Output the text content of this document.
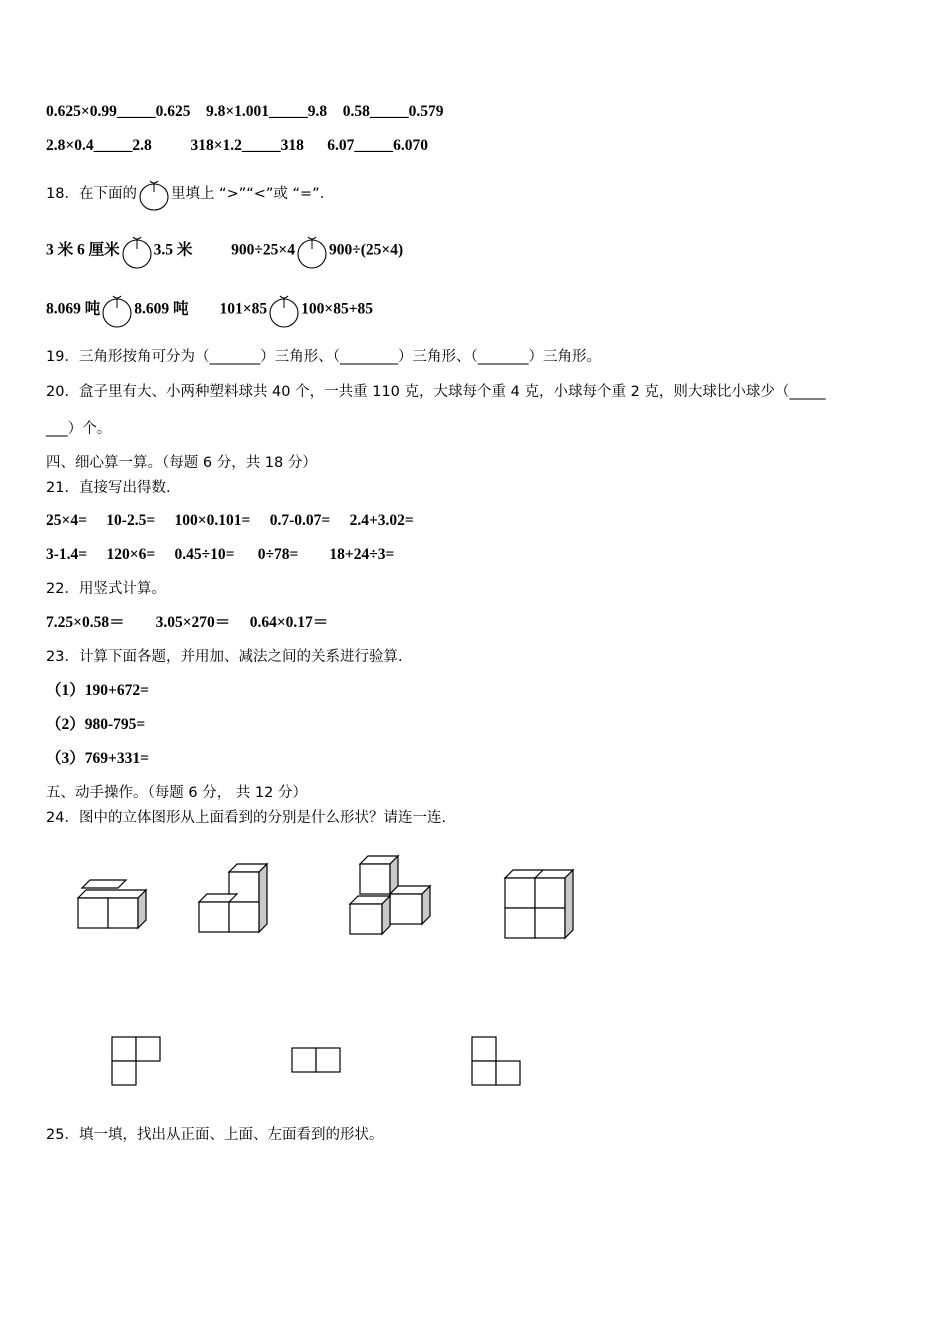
0.625×0.99_____0.625 9.8×1.001_____9.8 0.58_____0.579
2.8×0.4_____2.8	318×1.2_____318 6.07_____6.070
18．在下面的 里填上 “>”“<”或 “=”.
3 米 6 厘米 3.5 米	900÷25×4 900÷(25×4)
8.069 吨 8.609 吨 101×85 100×85+85
19．三角形按角可分为（_______）三角形、（________）三角形、（_______）三角形。
20．盒子里有大、小两种塑料球共 40 个，一共重 110 克，大球每个重 4 克，小球每个重 2 克，则大球比小球少（_____
___）个。
四、细心算一算。（每题 6 分，共 18 分）
21．直接写出得数.
25×4= 10-2.5= 100×0.101= 0.7-0.07= 2.4+3.02=
3-1.4= 120×6= 0.45÷10= 0÷78= 18+24÷3=
22．用竖式计算。
7.25×0.58＝ 3.05×270＝ 0.64×0.17＝
23．计算下面各题，并用加、减法之间的关系进行验算.
（1）190+672=
（2）980-795=
（3）769+331=
五、动手操作。（每题 6 分， 共 12 分）
24．图中的立体图形从上面看到的分别是什么形状？请连一连.
25．填一填，找出从正面、上面、左面看到的形状。
